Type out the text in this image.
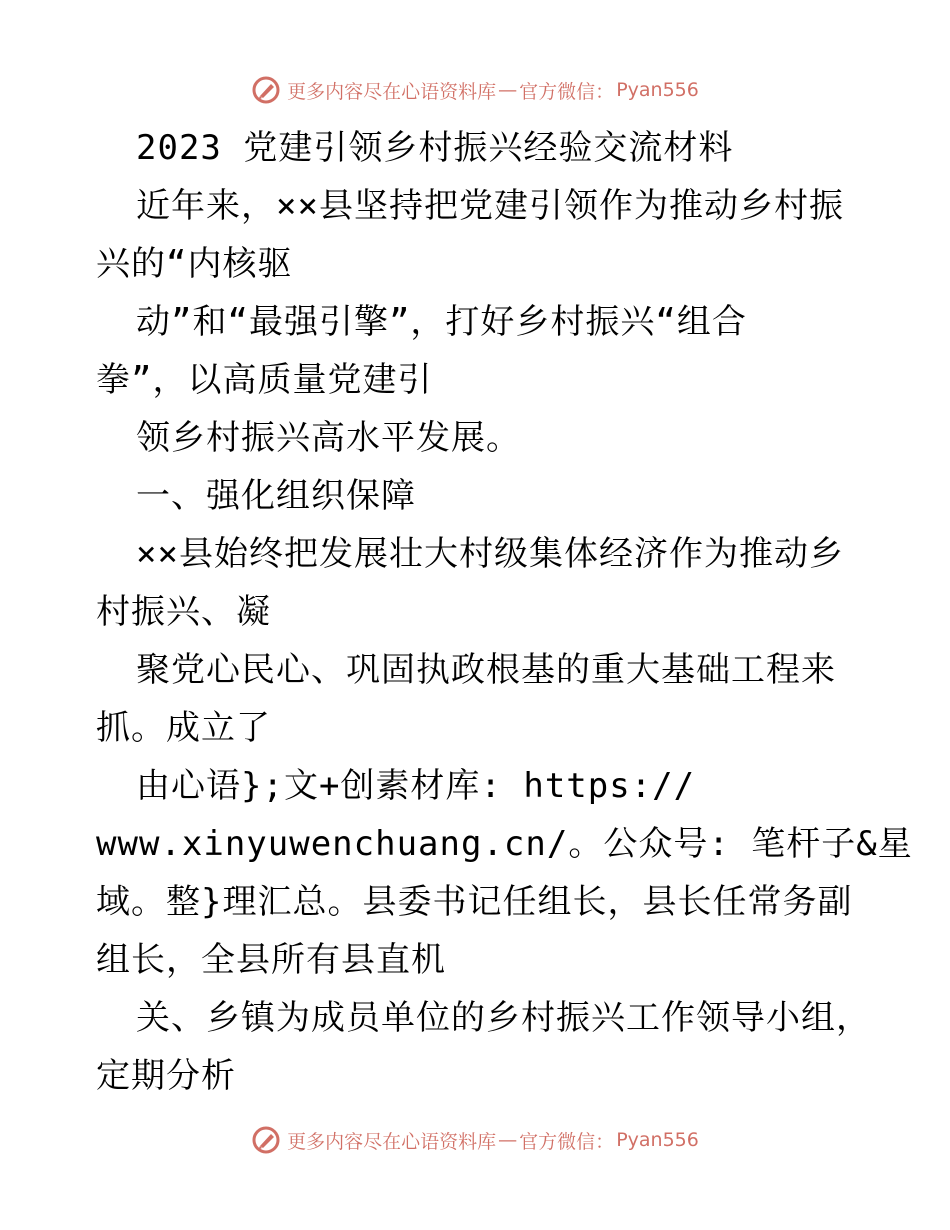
更多内容尽在心语资料库 — 官方微信： Pyan556
2023 党建引领乡村振兴经验交流材料
近年来，××县坚持把党建引领作为推动乡村振
兴的“内核驱
动”和“最强引擎”，打好乡村振兴“组合
拳”，以高质量党建引
领乡村振兴高水平发展。
一、强化组织保障
××县始终把发展壮大村级集体经济作为推动乡
村振兴、凝
聚党心民心、巩固执政根基的重大基础工程来
抓。成立了
由心语};文+创素材库: https://
www.xinyuwenchuang.cn/。公众号: 笔杆子&星
域。整}理汇总。县委书记任组长，县长任常务副
组长，全县所有县直机
关、乡镇为成员单位的乡村振兴工作领导小组，
定期分析
更多内容尽在心语资料库 — 官方微信： Pyan556
